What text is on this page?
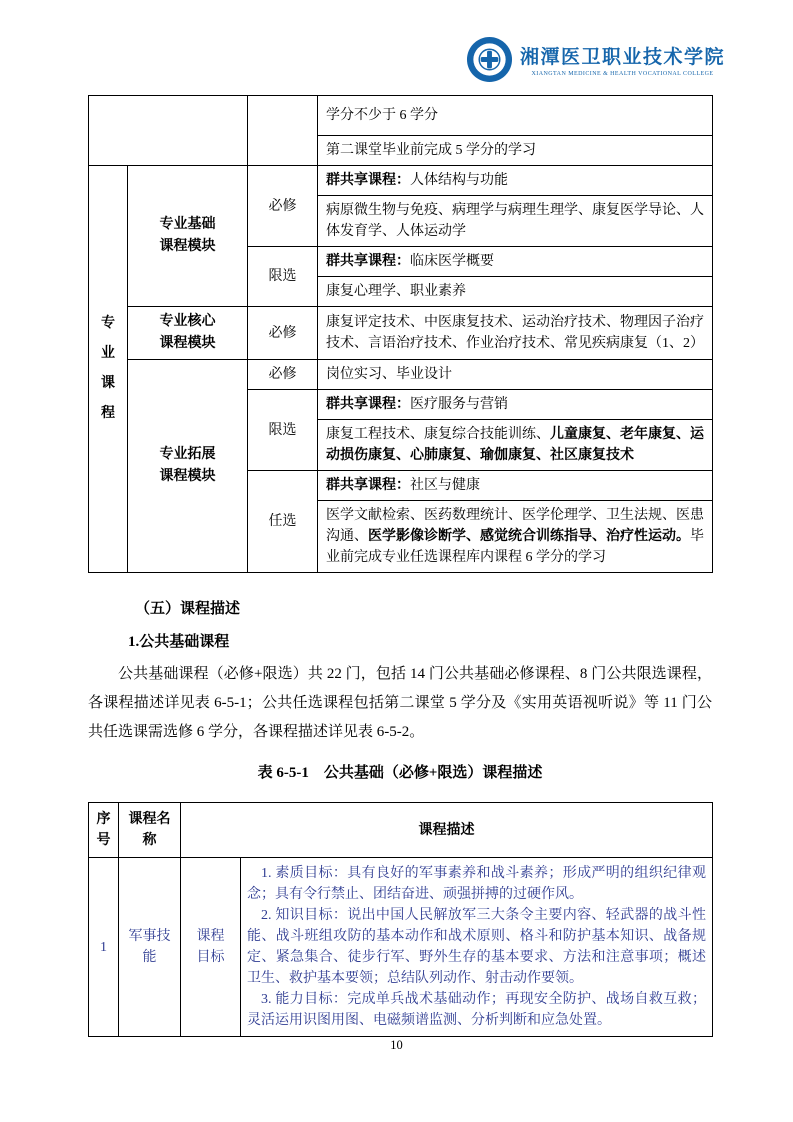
湘潭医卫职业技术学院
XIANGTAN MEDICINE & HEALTH VOCATIONAL COLLEGE
			学分不少于 6 学分
			第二课堂毕业前完成 5 学分的学习
专业课程	专业基础课程模块	必修	群共享课程：人体结构与功能
			病原微生物与免疫、病理学与病理生理学、康复医学导论、人体发育学、人体运动学
		限选	群共享课程：临床医学概要
			康复心理学、职业素养
	专业核心课程模块	必修	康复评定技术、中医康复技术、运动治疗技术、物理因子治疗技术、言语治疗技术、作业治疗技术、常见疾病康复（1、2）
	专业拓展课程模块	必修	岗位实习、毕业设计
		限选	群共享课程：医疗服务与营销
			康复工程技术、康复综合技能训练、儿童康复、老年康复、运动损伤康复、心肺康复、瑜伽康复、社区康复技术
		任选	群共享课程：社区与健康
			医学文献检索、医药数理统计、医学伦理学、卫生法规、医患沟通、医学影像诊断学、感觉统合训练指导、治疗性运动。毕业前完成专业任选课程库内课程 6 学分的学习
（五）课程描述
1.公共基础课程
公共基础课程（必修+限选）共 22 门，包括 14 门公共基础必修课程、8 门公共限选课程，各课程描述详见表 6-5-1；公共任选课程包括第二课堂 5 学分及《实用英语视听说》等 11 门公共任选课需选修 6 学分，各课程描述详见表 6-5-2。
表 6-5-1　公共基础（必修+限选）课程描述
序号	课程名称	课程描述	
1	军事技能	课程目标	1. 素质目标：具有良好的军事素养和战斗素养；形成严明的组织纪律观念；具有令行禁止、团结奋进、顽强拼搏的过硬作风。

2. 知识目标：说出中国人民解放军三大条令主要内容、轻武器的战斗性能、战斗班组攻防的基本动作和战术原则、格斗和防护基本知识、战备规定、紧急集合、徒步行军、野外生存的基本要求、方法和注意事项；概述卫生、救护基本要领；总结队列动作、射击动作要领。

3. 能力目标：完成单兵战术基础动作；再现安全防护、战场自救互救；灵活运用识图用图、电磁频谱监测、分析判断和应急处置。

10
